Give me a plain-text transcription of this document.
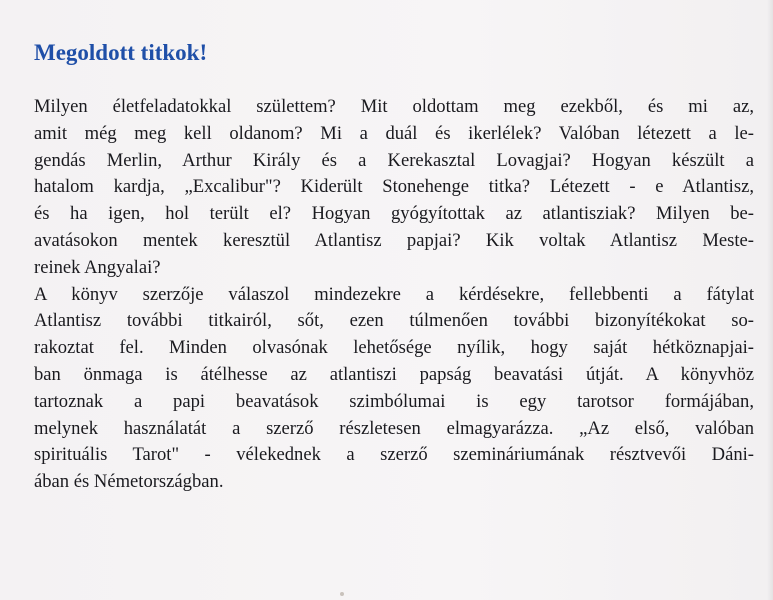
Megoldott titkok!
Milyen életfeladatokkal születtem? Mit oldottam meg ezekből, és mi az,
amit még meg kell oldanom? Mi a duál és ikerlélek? Valóban létezett a le-
gendás Merlin, Arthur Király és a Kerekasztal Lovagjai? Hogyan készült a
hatalom kardja, „Excalibur"? Kiderült Stonehenge titka? Létezett - e Atlantisz,
és ha igen, hol terült el? Hogyan gyógyítottak az atlantisziak? Milyen be-
avatásokon mentek keresztül Atlantisz papjai? Kik voltak Atlantisz Meste-
reinek Angyalai?
A könyv szerzője válaszol mindezekre a kérdésekre, fellebbenti a fátylat
Atlantisz további titkairól, sőt, ezen túlmenően további bizonyítékokat so-
rakoztat fel. Minden olvasónak lehetősége nyílik, hogy saját hétköznapjai-
ban önmaga is átélhesse az atlantiszi papság beavatási útját. A könyvhöz
tartoznak a papi beavatások szimbólumai is egy tarotsor formájában,
melynek használatát a szerző részletesen elmagyarázza. „Az első, valóban
spirituális Tarot" - vélekednek a szerző szemináriumának résztvevői Dáni-
ában és Németországban.
